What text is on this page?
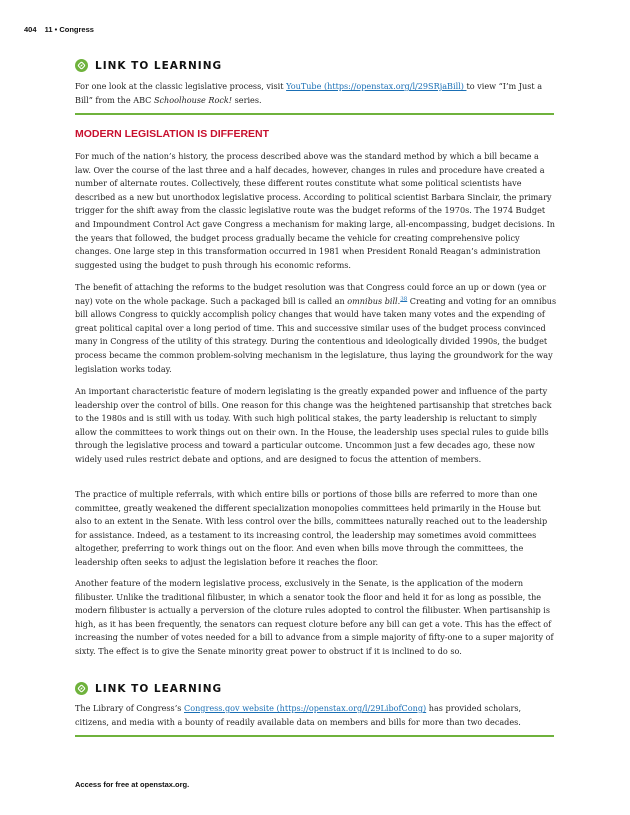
404 11 • Congress
LINK TO LEARNING

For one look at the classic legislative process, visit YouTube (https://openstax.org/l/29SRjaBill) to view “I’m Just a Bill” from the ABC Schoolhouse Rock! series.

MODERN LEGISLATION IS DIFFERENT

For much of the nation’s history, the process described above was the standard method by which a bill became a law. Over the course of the last three and a half decades, however, changes in rules and procedure have created a number of alternate routes. Collectively, these different routes constitute what some political scientists have described as a new but unorthodox legislative process. According to political scientist Barbara Sinclair, the primary trigger for the shift away from the classic legislative route was the budget reforms of the 1970s. The 1974 Budget and Impoundment Control Act gave Congress a mechanism for making large, all-encompassing, budget decisions. In the years that followed, the budget process gradually became the vehicle for creating comprehensive policy changes. One large step in this transformation occurred in 1981 when President Ronald Reagan’s administration suggested using the budget to push through his economic reforms.

The benefit of attaching the reforms to the budget resolution was that Congress could force an up or down (yea or nay) vote on the whole package. Such a packaged bill is called an omnibus bill.$^{38}$ Creating and voting for an omnibus bill allows Congress to quickly accomplish policy changes that would have taken many votes and the expending of great political capital over a long period of time. This and successive similar uses of the budget process convinced many in Congress of the utility of this strategy. During the contentious and ideologically divided 1990s, the budget process became the common problem-solving mechanism in the legislature, thus laying the groundwork for the way legislation works today.

An important characteristic feature of modern legislating is the greatly expanded power and influence of the party leadership over the control of bills. One reason for this change was the heightened partisanship that stretches back to the 1980s and is still with us today. With such high political stakes, the party leadership is reluctant to simply allow the committees to work things out on their own. In the House, the leadership uses special rules to guide bills through the legislative process and toward a particular outcome. Uncommon just a few decades ago, these now widely used rules restrict debate and options, and are designed to focus the attention of members.

The practice of multiple referrals, with which entire bills or portions of those bills are referred to more than one committee, greatly weakened the different specialization monopolies committees held primarily in the House but also to an extent in the Senate. With less control over the bills, committees naturally reached out to the leadership for assistance. Indeed, as a testament to its increasing control, the leadership may sometimes avoid committees altogether, preferring to work things out on the floor. And even when bills move through the committees, the leadership often seeks to adjust the legislation before it reaches the floor.

Another feature of the modern legislative process, exclusively in the Senate, is the application of the modern filibuster. Unlike the traditional filibuster, in which a senator took the floor and held it for as long as possible, the modern filibuster is actually a perversion of the cloture rules adopted to control the filibuster. When partisanship is high, as it has been frequently, the senators can request cloture before any bill can get a vote. This has the effect of increasing the number of votes needed for a bill to advance from a simple majority of fifty-one to a super majority of sixty. The effect is to give the Senate minority great power to obstruct if it is inclined to do so.

LINK TO LEARNING

The Library of Congress’s Congress.gov website (https://openstax.org/l/29LibofCong) has provided scholars, citizens, and media with a bounty of readily available data on members and bills for more than two decades.

Access for free at openstax.org.
